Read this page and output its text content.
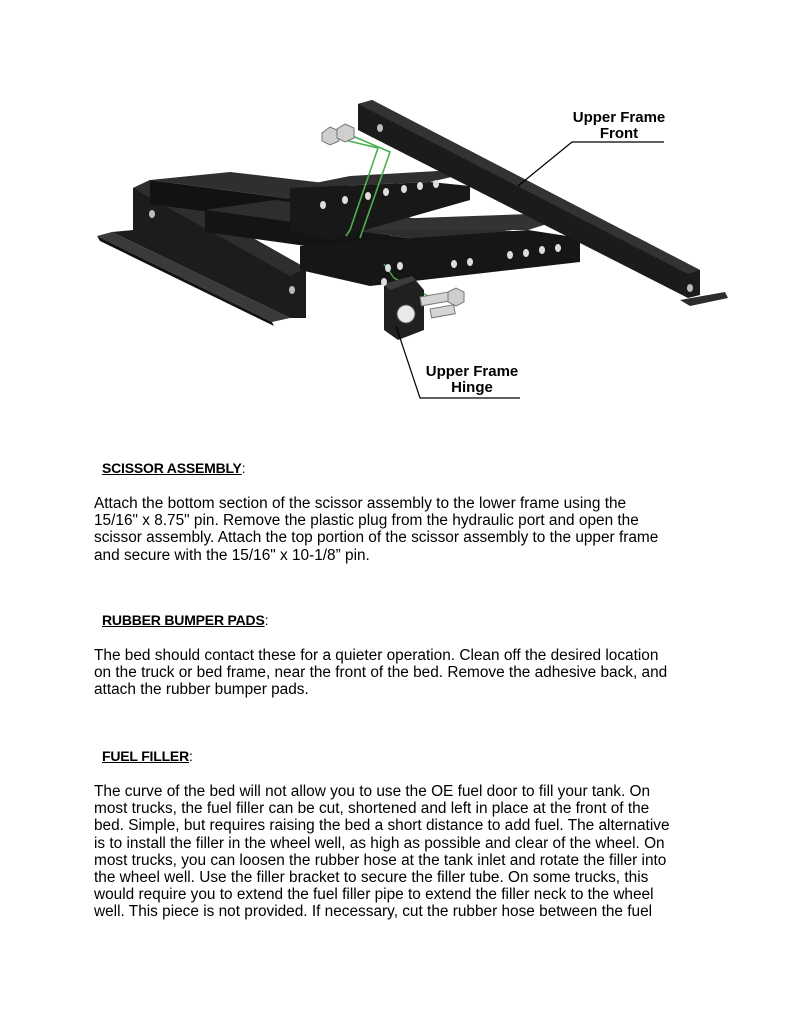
Upper Frame
Front
Upper Frame
Hinge

SCISSOR ASSEMBLY:

Attach the bottom section of the scissor assembly to the lower frame using the
15/16" x 8.75" pin. Remove the plastic plug from the hydraulic port and open the
scissor assembly. Attach the top portion of the scissor assembly to the upper frame
and secure with the 15/16" x 10-1/8” pin.

RUBBER BUMPER PADS:

The bed should contact these for a quieter operation. Clean off the desired location
on the truck or bed frame, near the front of the bed. Remove the adhesive back, and
attach the rubber bumper pads.

FUEL FILLER:

The curve of the bed will not allow you to use the OE fuel door to fill your tank. On
most trucks, the fuel filler can be cut, shortened and left in place at the front of the
bed. Simple, but requires raising the bed a short distance to add fuel. The alternative
is to install the filler in the wheel well, as high as possible and clear of the wheel. On
most trucks, you can loosen the rubber hose at the tank inlet and rotate the filler into
the wheel well. Use the filler bracket to secure the filler tube. On some trucks, this
would require you to extend the fuel filler pipe to extend the filler neck to the wheel
well. This piece is not provided. If necessary, cut the rubber hose between the fuel
